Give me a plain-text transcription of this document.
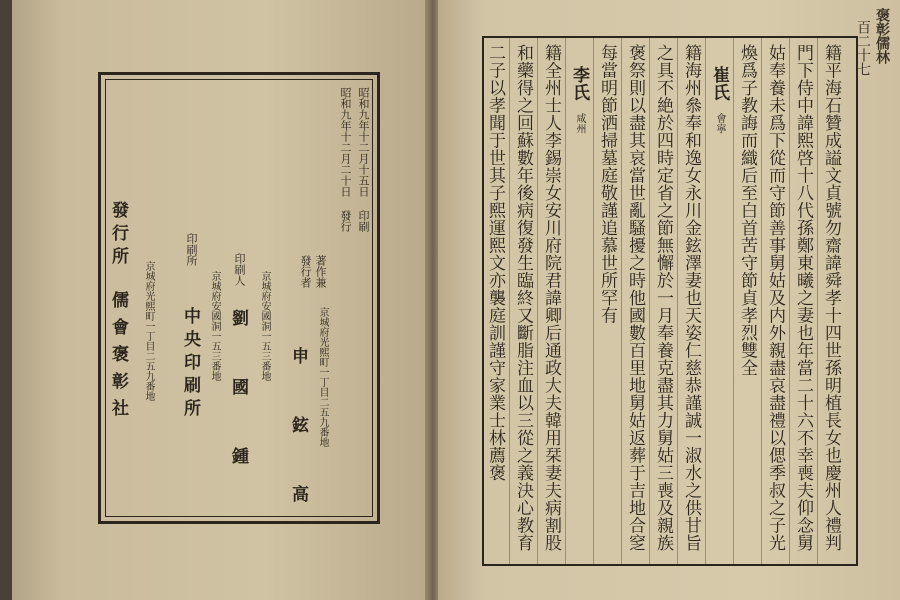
昭和九年十二月十五日 印刷
昭和九年十二月二十日 發行
著作兼
發行者
京城府光熙町一丁目二五九番地
申 鉉 高
印刷人
京城府安國洞一五三番地
劉 國 鍾
印刷所
京城府安國洞一五三番地
中央印刷所
發行所
京城府光熙町一丁目二五九番地
儒會褒彰社
褒彰儒林
百二十七
籍平海石贊成謚文貞號勿齋諱舜孝十四世孫明植長女也慶州人禮判
門下侍中諱熙啓十八代孫鄭東曦之妻也年當二十六不幸喪夫仰念舅
姑奉養未爲下從而守節善事舅姑及内外親盡哀盡禮以偲季叔之子光
煥爲子教誨而織后至白首苦守節貞孝烈雙全
崔氏會寧
籍海州叅奉和逸女永川金鉉澤妻也天姿仁慈恭謹誠一淑水之供甘旨
之具不絶於四時定省之節無懈於一月奉養克盡其力舅姑三喪及親族
褒祭則以盡其哀當世亂騷擾之時他國數百里地舅姑返葬于吉地合窆
每當明節洒掃墓庭敬謹追慕世所罕有
李氏咸州
籍全州士人李錫崇女安川府院君諱卿后通政大夫韓用栞妻夫病割股
和藥得之回蘇數年後病復發生臨終又斷脂注血以三從之義決心教育
二子以孝聞于世其子熙運熙文亦襲庭訓謹守家業士林薦褒
